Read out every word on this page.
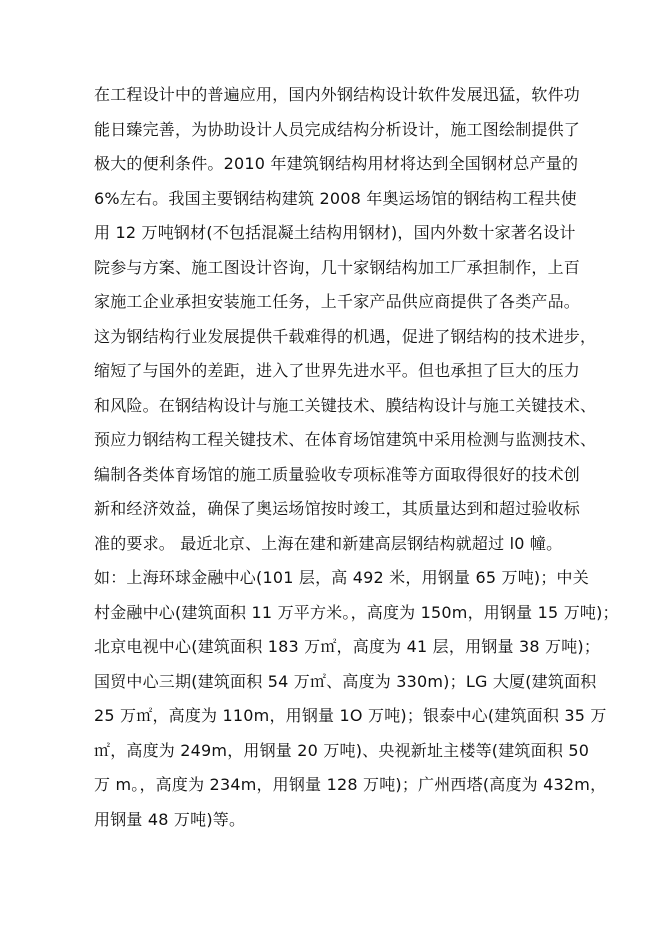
在工程设计中的普遍应用，国内外钢结构设计软件发展迅猛，软件功
能日臻完善，为协助设计人员完成结构分析设计，施工图绘制提供了
极大的便利条件。2010 年建筑钢结构用材将达到全国钢材总产量的
6%左右。我国主要钢结构建筑 2008 年奥运场馆的钢结构工程共使
用 12 万吨钢材(不包括混凝土结构用钢材)，国内外数十家著名设计
院参与方案、施工图设计咨询，几十家钢结构加工厂承担制作，上百
家施工企业承担安装施工任务，上千家产品供应商提供了各类产品。
这为钢结构行业发展提供千载难得的机遇，促进了钢结构的技术进步，
缩短了与国外的差距，进入了世界先进水平。但也承担了巨大的压力
和风险。在钢结构设计与施工关键技术、膜结构设计与施工关键技术、
预应力钢结构工程关键技术、在体育场馆建筑中采用检测与监测技术、
编制各类体育场馆的施工质量验收专项标准等方面取得很好的技术创
新和经济效益，确保了奥运场馆按时竣工，其质量达到和超过验收标
准的要求。 最近北京、上海在建和新建高层钢结构就超过 l0 幢。
如：上海环球金融中心(101 层，高 492 米，用钢量 65 万吨)；中关
村金融中心(建筑面积 11 万平方米。，高度为 150m，用钢量 15 万吨)；
北京电视中心(建筑面积 183 万㎡，高度为 41 层，用钢量 38 万吨)；
国贸中心三期(建筑面积 54 万㎡、高度为 330m)；LG 大厦(建筑面积
25 万㎡，高度为 110m，用钢量 1O 万吨)；银泰中心(建筑面积 35 万
㎡，高度为 249m，用钢量 20 万吨)、央视新址主楼等(建筑面积 50
万 m。，高度为 234m，用钢量 128 万吨)；广州西塔(高度为 432m，
用钢量 48 万吨)等。
